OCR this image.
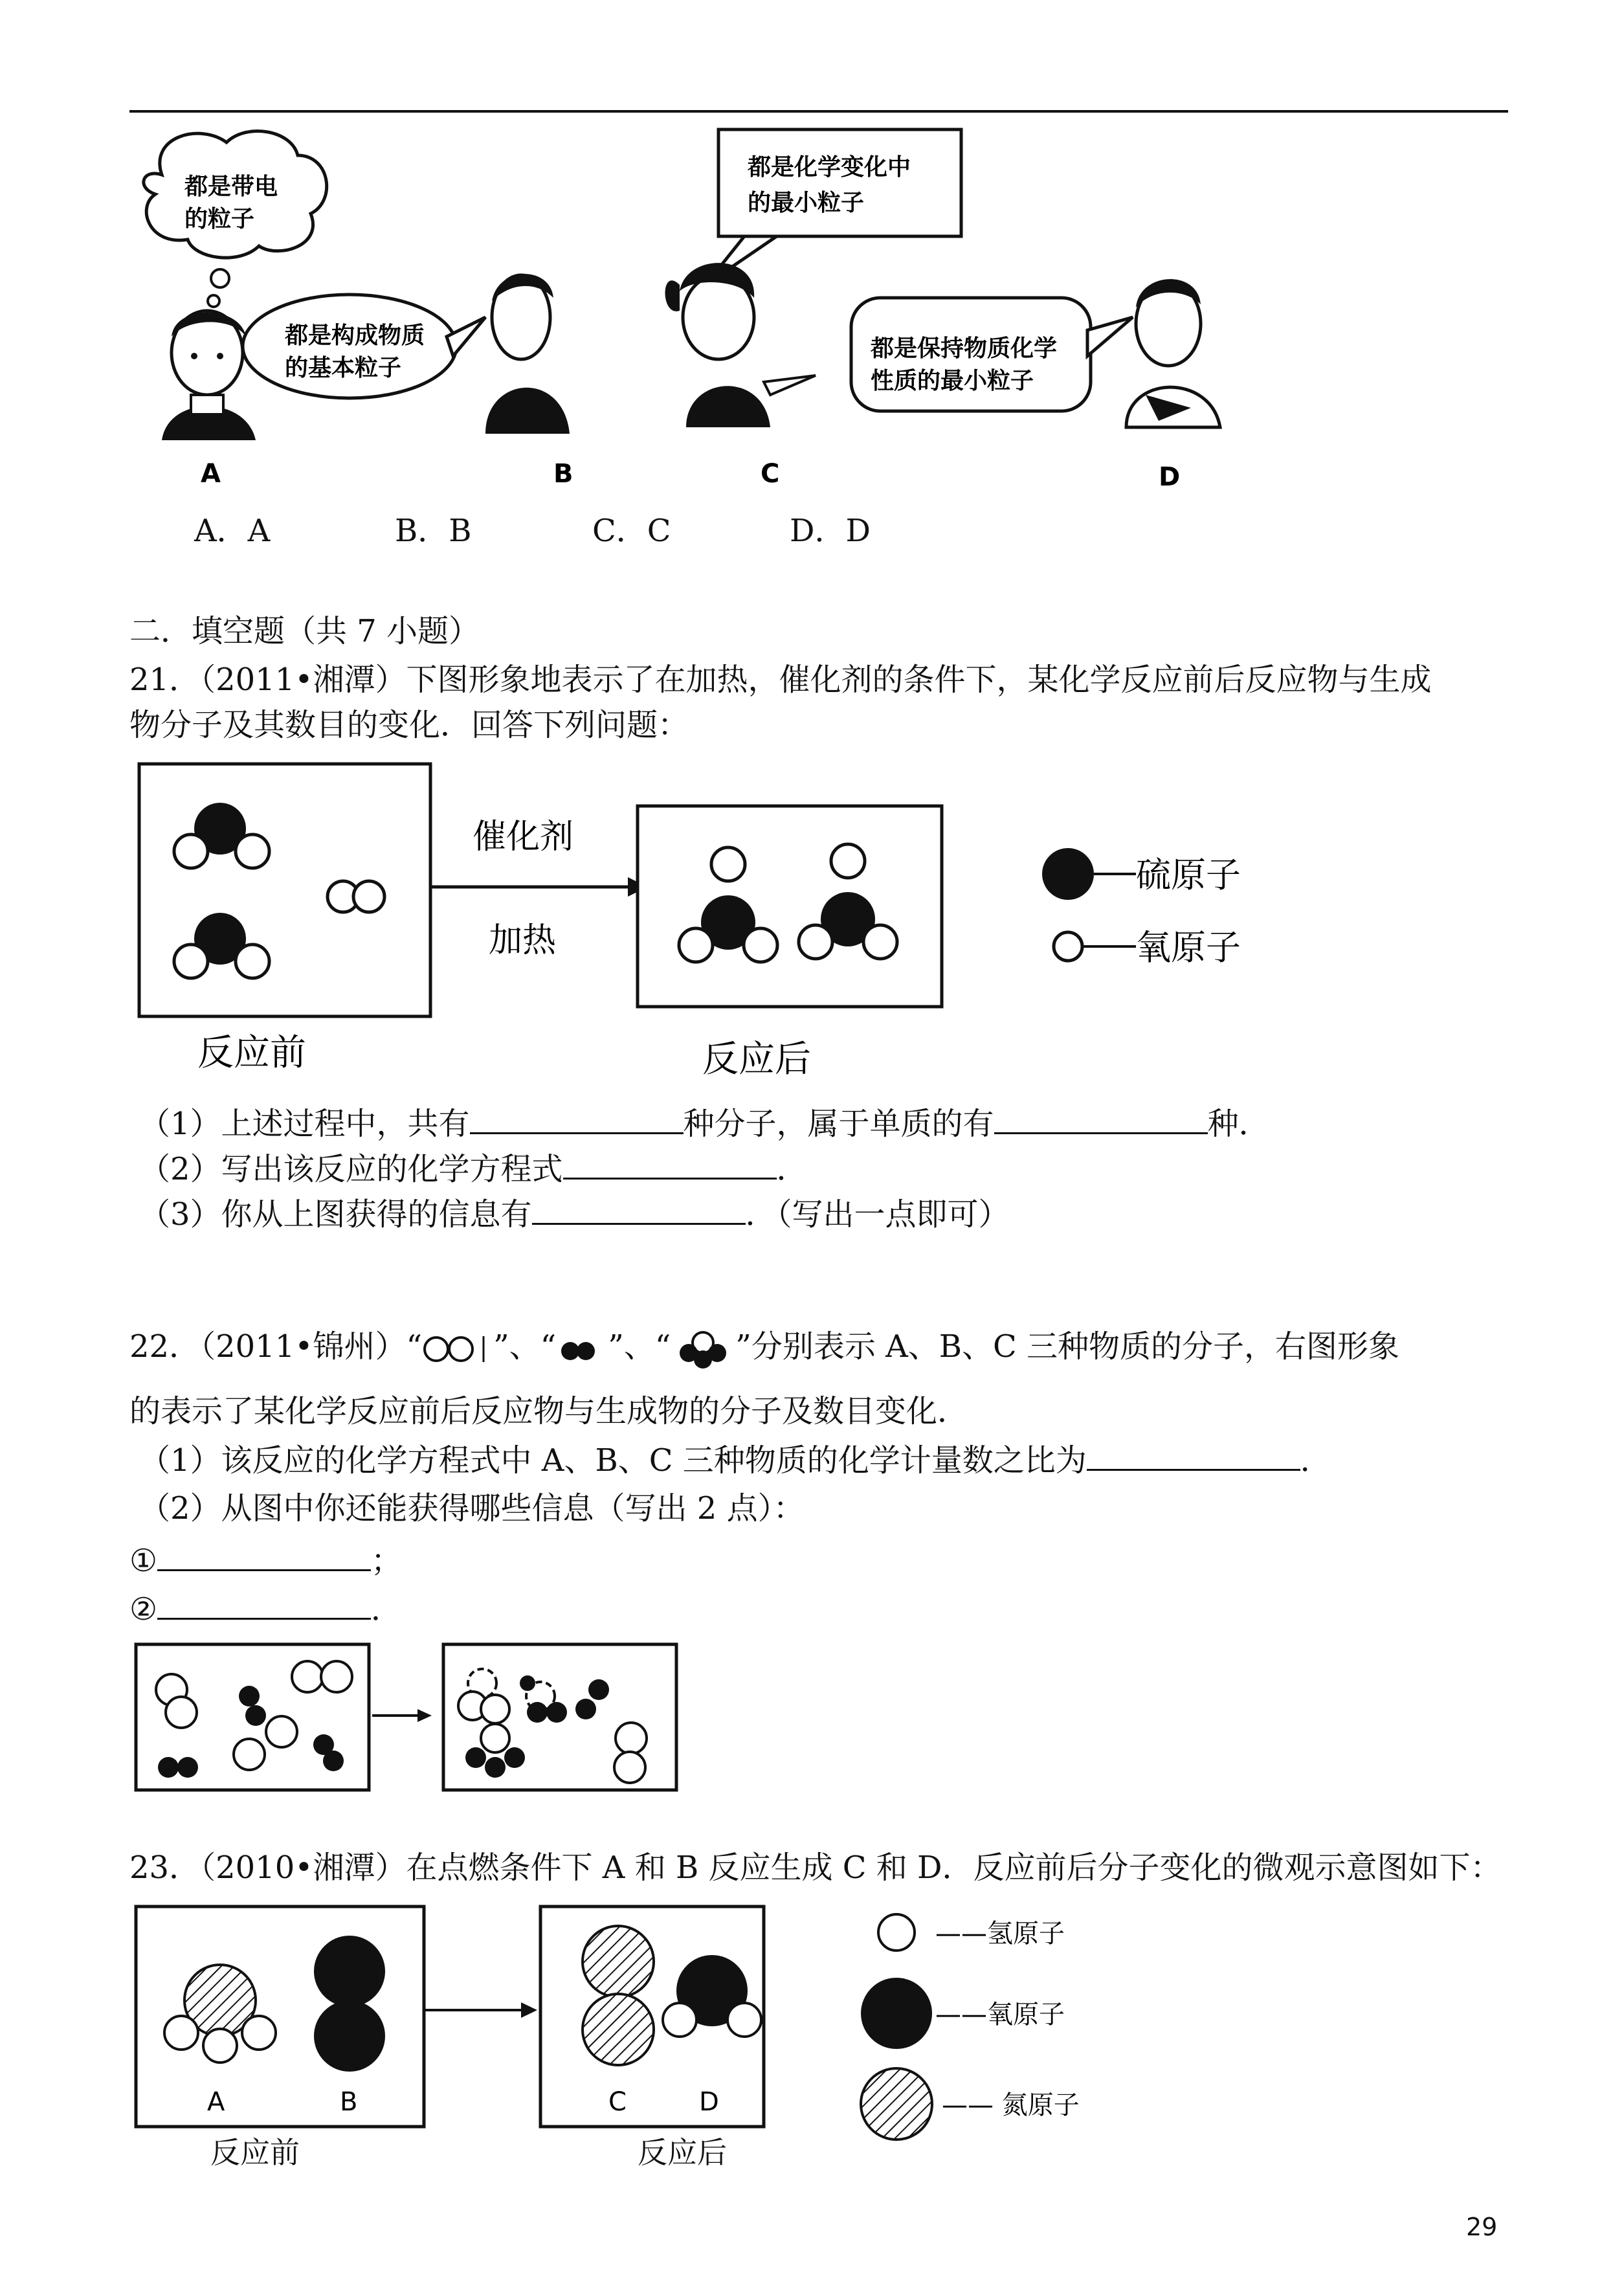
都是带电
的粒子
A
都是构成物质
的基本粒子
B
都是化学变化中
的最小粒子
C
都是保持物质化学
性质的最小粒子
D
A．A	B．B	C．C	D．D
二．填空题（共 7 小题）
21．（2011•湘潭）下图形象地表示了在加热，催化剂的条件下，某化学反应前后反应物与生成
物分子及其数目的变化．回答下列问题：
催化剂
加热
硫原子
氧原子
反应前	反应后
（1）上述过程中，共有	种分子，属于单质的有	种．
（2）写出该反应的化学方程式	．
（3）你从上图获得的信息有	．（写出一点即可）
22．（2011•锦州）“ ”、“ ”、“ ”分别表示 A、B、C 三种物质的分子，右图形象
的表示了某化学反应前后反应物与生成物的分子及数目变化．
（1）该反应的化学方程式中 A、B、C 三种物质的化学计量数之比为	．
（2）从图中你还能获得哪些信息（写出 2 点）：
①	；
②	．
23．（2010•湘潭）在点燃条件下 A 和 B 反应生成 C 和 D．反应前后分子变化的微观示意图如下：
A	B	C	D
——氢原子
——氧原子
—— 氮原子
反应前	反应后
29
